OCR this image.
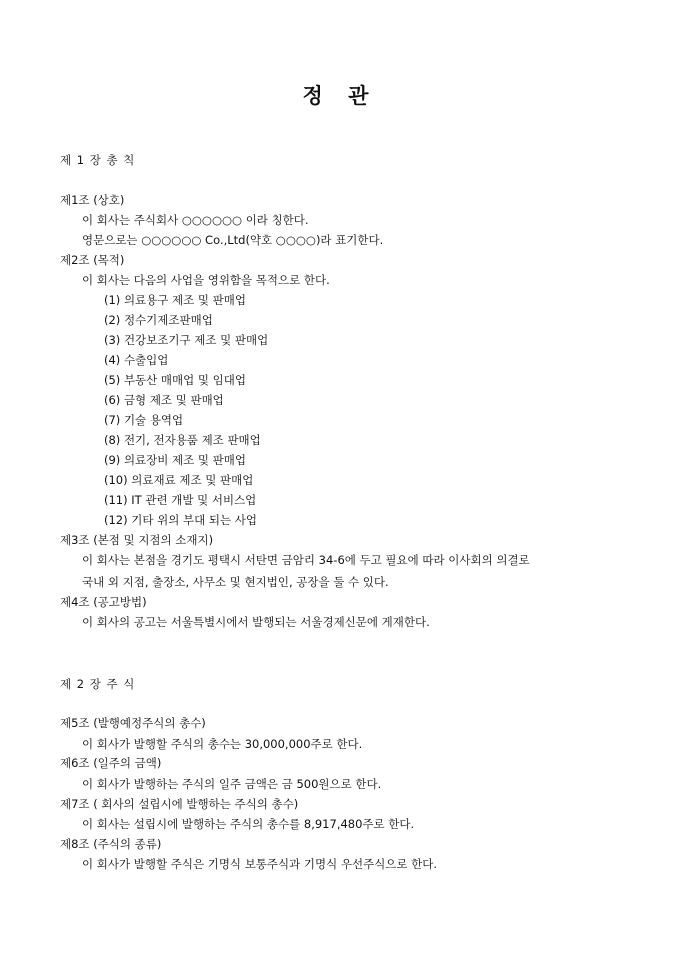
정 관
제 1 장 총 칙
제1조 (상호)
이 회사는 주식회사 ○○○○○○ 이라 칭한다.
영문으로는 ○○○○○○ Co.,Ltd(약호 ○○○○)라 표기한다.
제2조 (목적)
이 회사는 다음의 사업을 영위함을 목적으로 한다.
(1) 의료용구 제조 및 판매업
(2) 정수기제조판매업
(3) 건강보조기구 제조 및 판매업
(4) 수출입업
(5) 부동산 매매업 및 임대업
(6) 금형 제조 및 판매업
(7) 기술 용역업
(8) 전기, 전자용품 제조 판매업
(9) 의료장비 제조 및 판매업
(10) 의료재료 제조 및 판매업
(11) IT 관련 개발 및 서비스업
(12) 기타 위의 부대 되는 사업
제3조 (본점 및 지점의 소재지)
이 회사는 본점을 경기도 평택시 서탄면 금암리 34-6에 두고 필요에 따라 이사회의 의결로
국내 외 지점, 출장소, 사무소 및 현지법인, 공장을 둘 수 있다.
제4조 (공고방법)
이 회사의 공고는 서울특별시에서 발행되는 서울경제신문에 게재한다.
제 2 장 주 식
제5조 (발행예정주식의 총수)
이 회사가 발행할 주식의 총수는 30,000,000주로 한다.
제6조 (일주의 금액)
이 회사가 발행하는 주식의 일주 금액은 금 500원으로 한다.
제7조 ( 회사의 설립시에 발행하는 주식의 총수)
이 회사는 설립시에 발행하는 주식의 총수를 8,917,480주로 한다.
제8조 (주식의 종류)
이 회사가 발행할 주식은 기명식 보통주식과 기명식 우선주식으로 한다.
